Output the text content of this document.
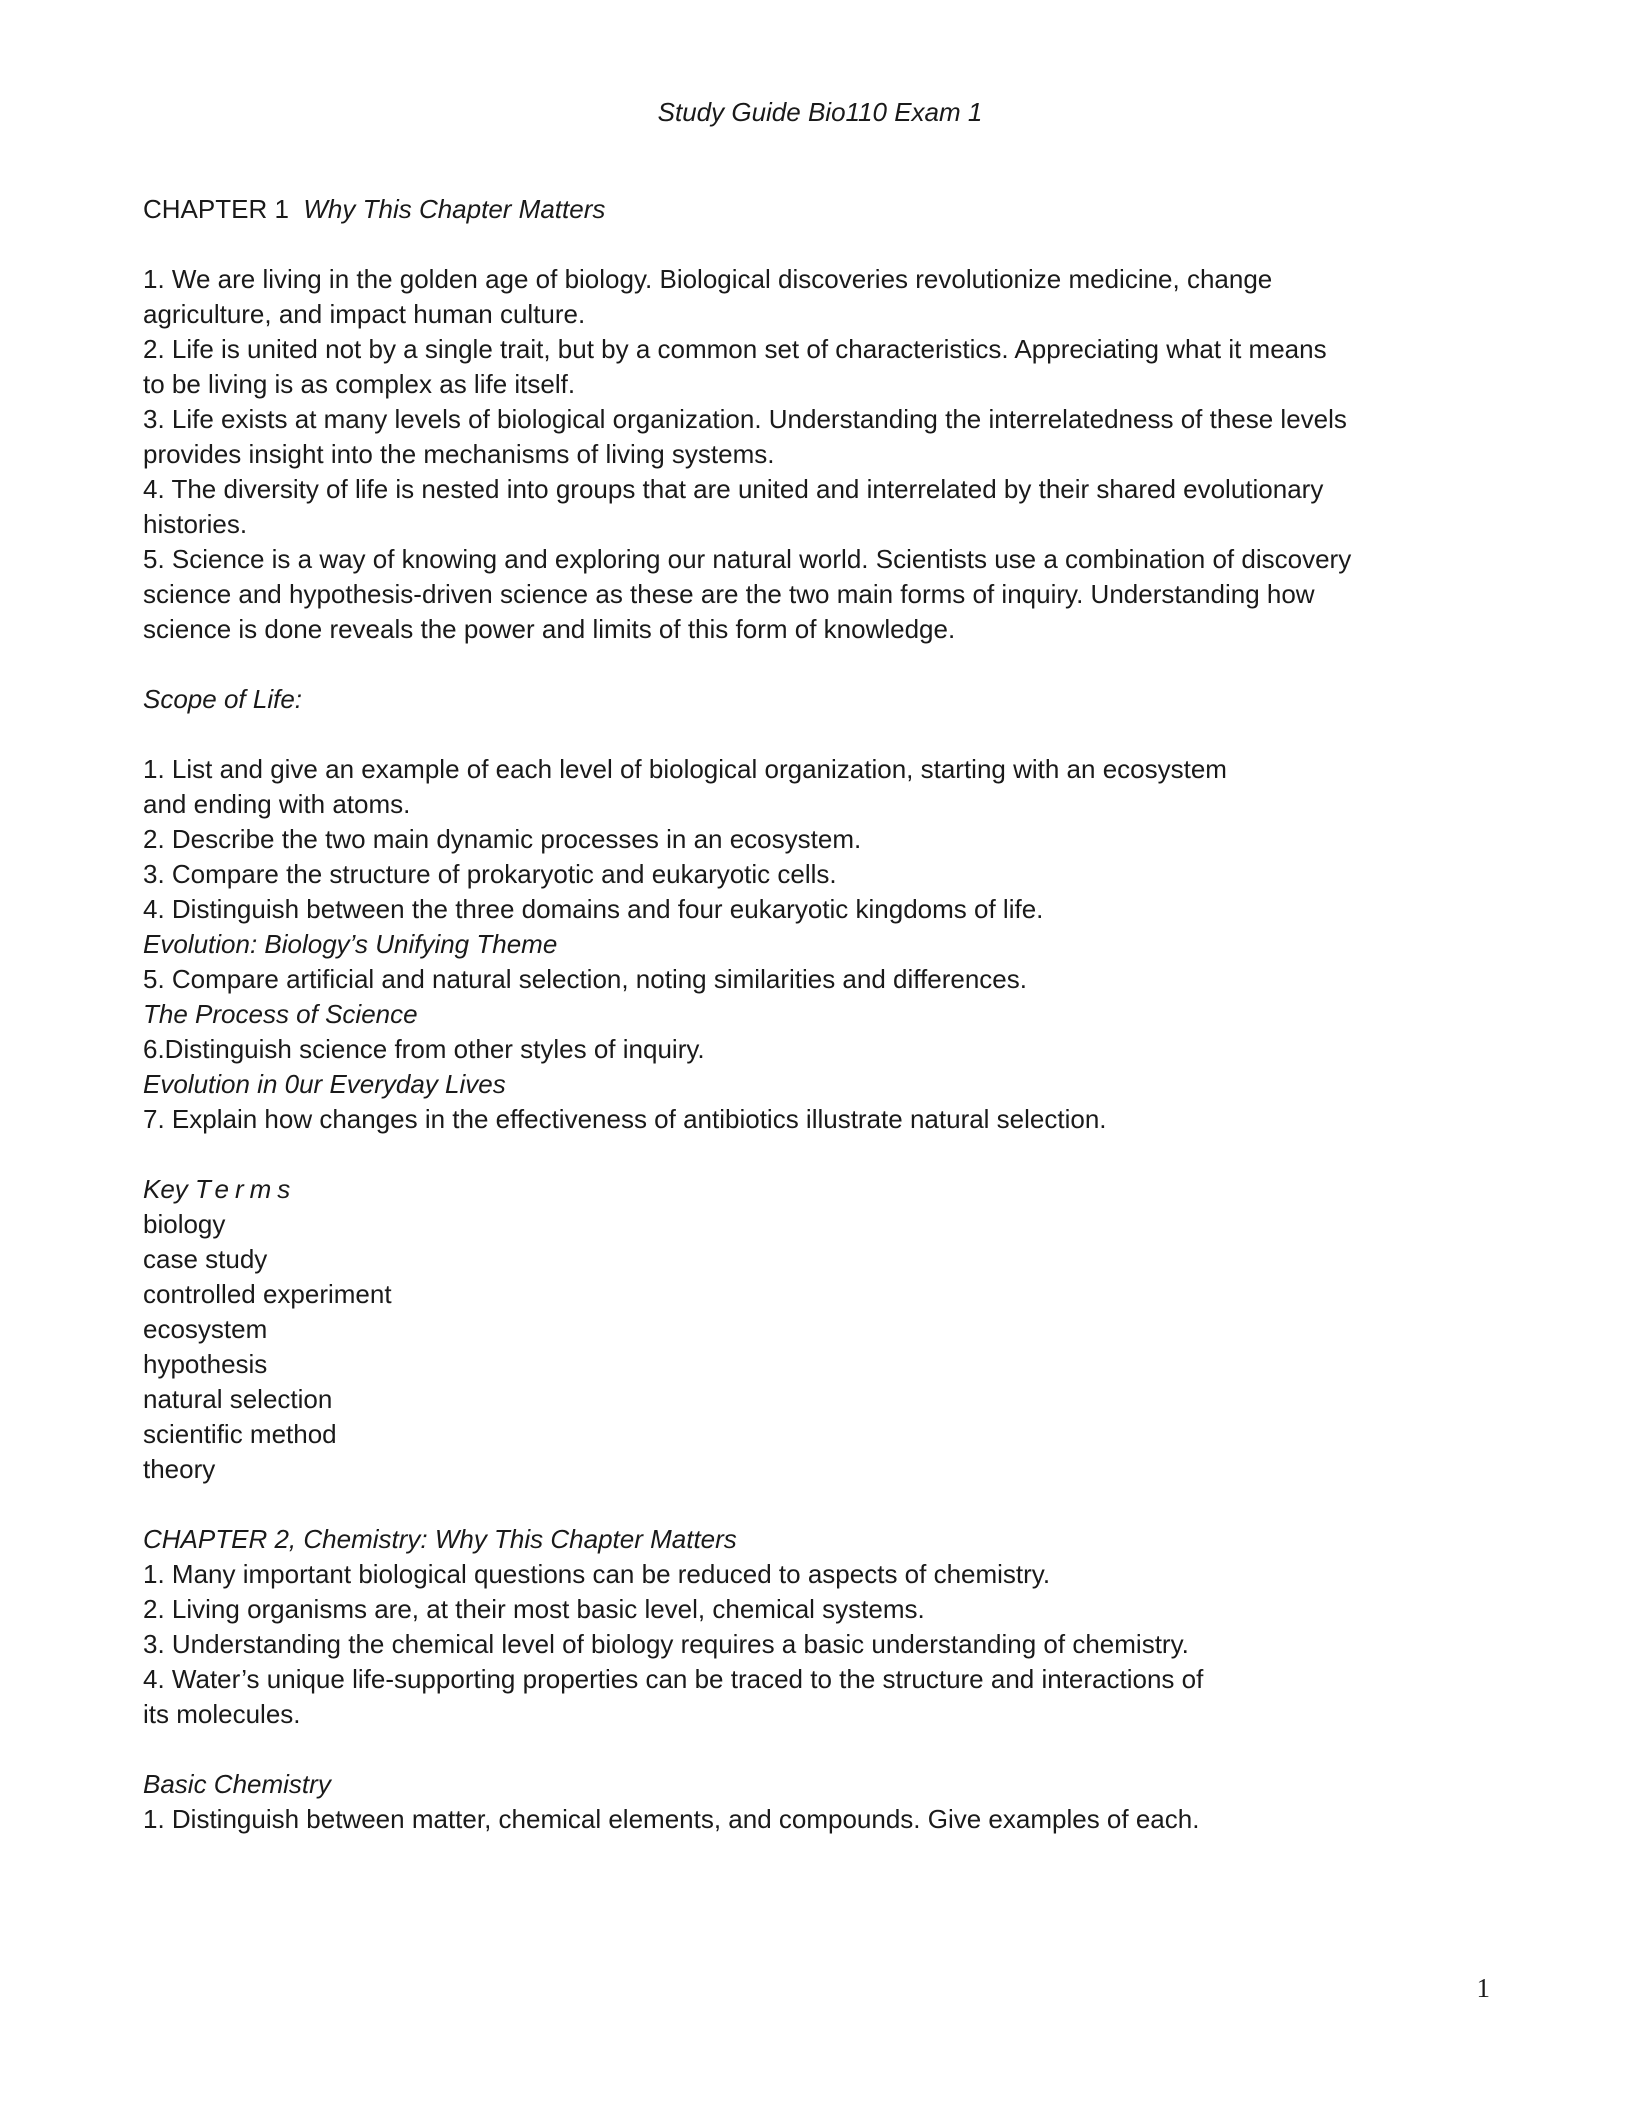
Study Guide Bio110 Exam 1
CHAPTER 1 Why This Chapter Matters
1. We are living in the golden age of biology. Biological discoveries revolutionize medicine, change
agriculture, and impact human culture.
2. Life is united not by a single trait, but by a common set of characteristics. Appreciating what it means
to be living is as complex as life itself.
3. Life exists at many levels of biological organization. Understanding the interrelatedness of these levels
provides insight into the mechanisms of living systems.
4. The diversity of life is nested into groups that are united and interrelated by their shared evolutionary
histories.
5. Science is a way of knowing and exploring our natural world. Scientists use a combination of discovery
science and hypothesis-driven science as these are the two main forms of inquiry. Understanding how
science is done reveals the power and limits of this form of knowledge.
Scope of Life:
1. List and give an example of each level of biological organization, starting with an ecosystem
and ending with atoms.
2. Describe the two main dynamic processes in an ecosystem.
3. Compare the structure of prokaryotic and eukaryotic cells.
4. Distinguish between the three domains and four eukaryotic kingdoms of life.
Evolution: Biology’s Unifying Theme
5. Compare artificial and natural selection, noting similarities and differences.
The Process of Science
6.Distinguish science from other styles of inquiry.
Evolution in 0ur Everyday Lives
7. Explain how changes in the effectiveness of antibiotics illustrate natural selection.
Key Terms
biology
case study
controlled experiment
ecosystem
hypothesis
natural selection
scientific method
theory
CHAPTER 2, Chemistry: Why This Chapter Matters
1. Many important biological questions can be reduced to aspects of chemistry.
2. Living organisms are, at their most basic level, chemical systems.
3. Understanding the chemical level of biology requires a basic understanding of chemistry.
4. Water’s unique life-supporting properties can be traced to the structure and interactions of
its molecules.
Basic Chemistry
1. Distinguish between matter, chemical elements, and compounds. Give examples of each.
1
